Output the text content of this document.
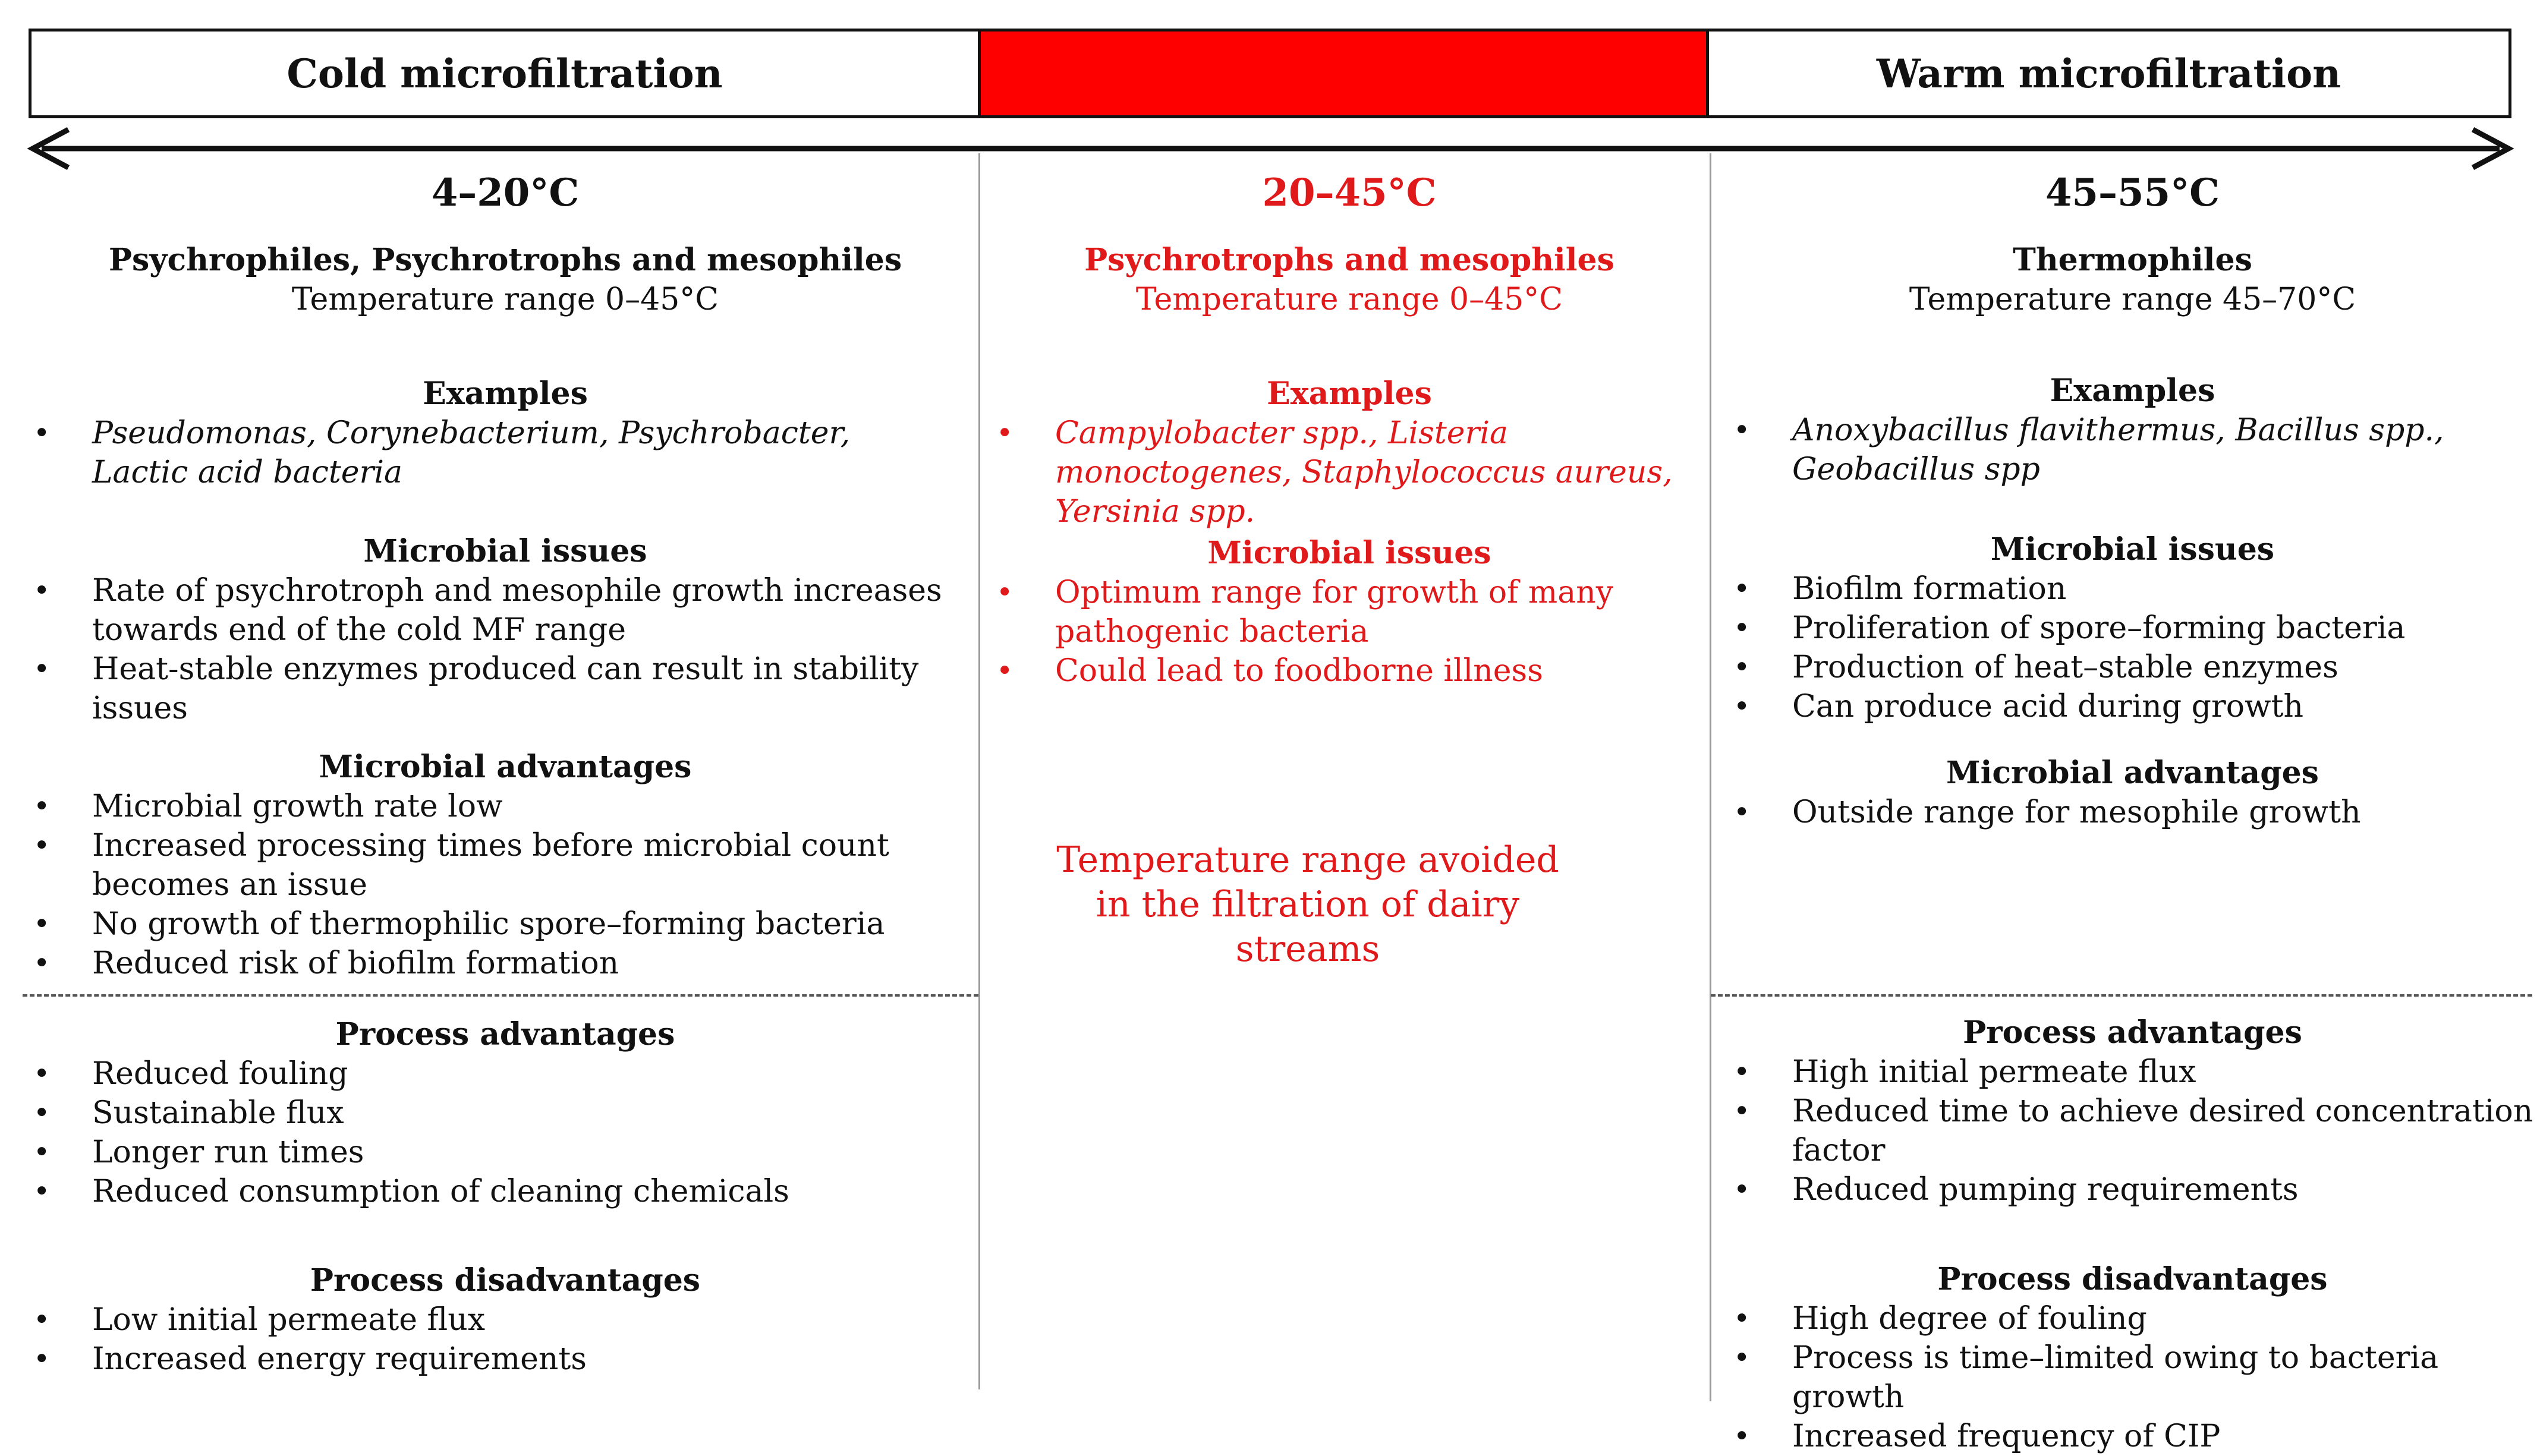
Cold microfiltration	Warm microfiltration
4–20°C
Psychrophiles, Psychrotrophs and mesophiles
Temperature range 0–45°C
Examples
• Pseudomonas, Corynebacterium, Psychrobacter,
Lactic acid bacteria
Microbial issues
• Rate of psychrotroph and mesophile growth increases towards end of the cold MF range
• Heat-stable enzymes produced can result in stability issues
Microbial advantages
• Microbial growth rate low
• Increased processing times before microbial count becomes an issue
• No growth of thermophilic spore–forming bacteria
• Reduced risk of biofilm formation
Process advantages
• Reduced fouling
• Sustainable flux
• Longer run times
• Reduced consumption of cleaning chemicals
Process disadvantages
• Low initial permeate flux
• Increased energy requirements
20–45°C
Psychrotrophs and mesophiles
Temperature range 0–45°C
Examples
• Campylobacter spp., Listeria monoctogenes, Staphylococcus aureus, Yersinia spp.
Microbial issues
• Optimum range for growth of many pathogenic bacteria
• Could lead to foodborne illness
Temperature range avoided in the filtration of dairy streams
45–55°C
Thermophiles
Temperature range 45–70°C
Examples
• Anoxybacillus flavithermus, Bacillus spp., Geobacillus spp
Microbial issues
• Biofilm formation
• Proliferation of spore–forming bacteria
• Production of heat–stable enzymes
• Can produce acid during growth
Microbial advantages
• Outside range for mesophile growth
Process advantages
• High initial permeate flux
• Reduced time to achieve desired concentration factor
• Reduced pumping requirements
Process disadvantages
• High degree of fouling
• Process is time–limited owing to bacteria growth
• Increased frequency of CIP
